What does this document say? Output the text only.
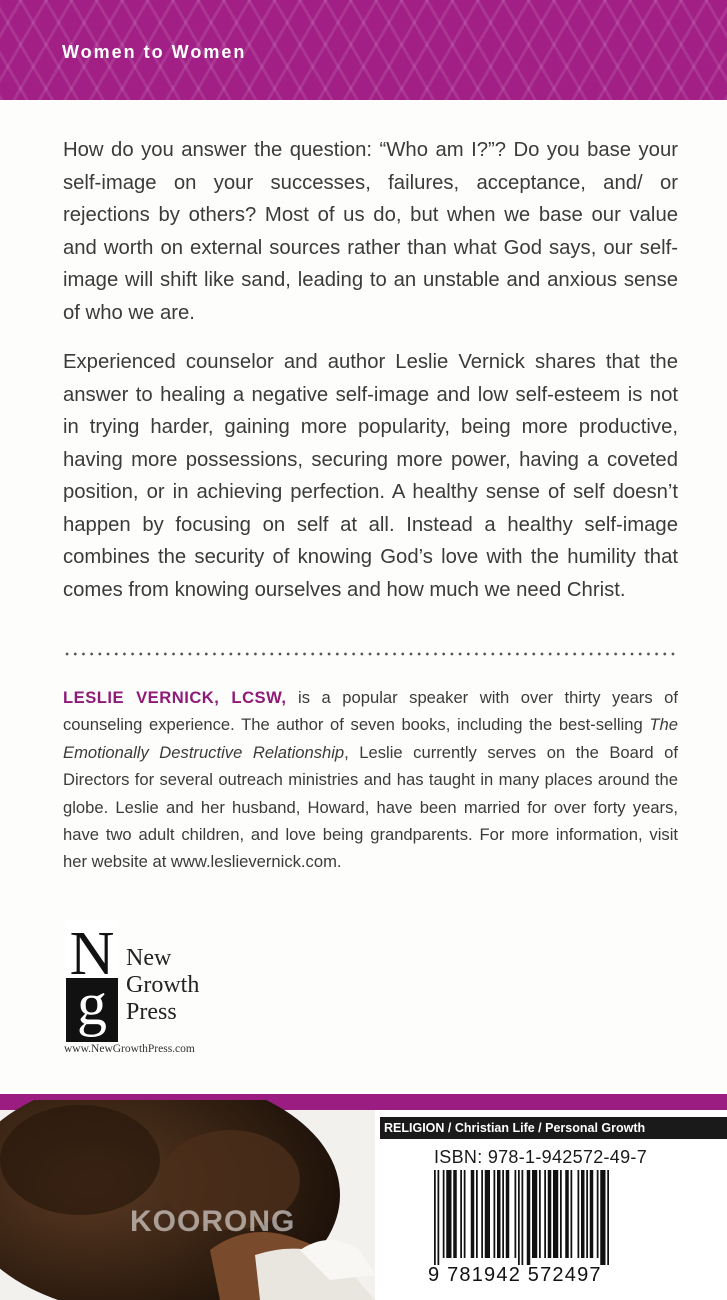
Women to Women

How do you answer the question: “Who am I?”? Do you base your self-image on your successes, failures, acceptance, and/ or rejections by others? Most of us do, but when we base our value and worth on external sources rather than what God says, our self-image will shift like sand, leading to an unstable and anxious sense of who we are.

Experienced counselor and author Leslie Vernick shares that the answer to healing a negative self-image and low self-esteem is not in trying harder, gaining more popularity, being more productive, having more possessions, securing more power, having a coveted position, or in achieving perfection. A healthy sense of self doesn’t happen by focusing on self at all. Instead a healthy self-image combines the security of knowing God’s love with the humility that comes from knowing ourselves and how much we need Christ.

LESLIE VERNICK, LCSW, is a popular speaker with over thirty years of counseling experience. The author of seven books, including the best-selling The Emotionally Destructive Relationship, Leslie currently serves on the Board of Directors for several outreach ministries and has taught in many places around the globe. Leslie and her husband, Howard, have been married for over forty years, have two adult children, and love being grandparents. For more information, visit her website at www.leslievernick.com.

N
g
New
Growth
Press
www.NewGrowthPress.com
KOORONG
RELIGION / Christian Life / Personal Growth
ISBN: 978-1-942572-49-7
9 781942 572497
